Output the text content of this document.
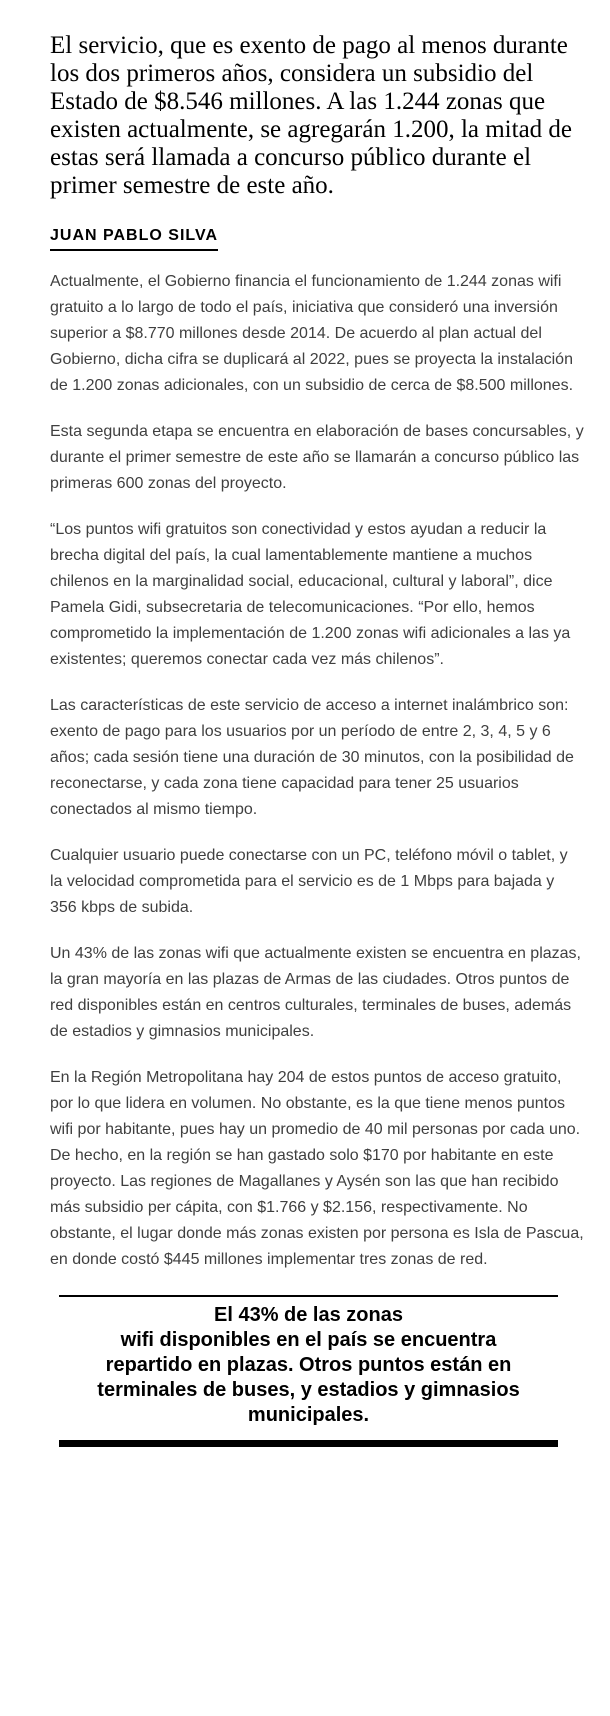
El servicio, que es exento de pago al menos durante los dos primeros años, considera un subsidio del Estado de $8.546 millones. A las 1.244 zonas que existen actualmente, se agregarán 1.200, la mitad de estas será llamada a concurso público durante el primer semestre de este año.

JUAN PABLO SILVA

Actualmente, el Gobierno financia el funcionamiento de 1.244 zonas wifi gratuito a lo largo de todo el país, iniciativa que consideró una inversión superior a $8.770 millones desde 2014. De acuerdo al plan actual del Gobierno, dicha cifra se duplicará al 2022, pues se proyecta la instalación de 1.200 zonas adicionales, con un subsidio de cerca de $8.500 millones.

Esta segunda etapa se encuentra en elaboración de bases concursables, y durante el primer semestre de este año se llamarán a concurso público las primeras 600 zonas del proyecto.

“Los puntos wifi gratuitos son conectividad y estos ayudan a reducir la brecha digital del país, la cual lamentablemente mantiene a muchos chilenos en la marginalidad social, educacional, cultural y laboral”, dice Pamela Gidi, subsecretaria de telecomunicaciones. “Por ello, hemos comprometido la implementación de 1.200 zonas wifi adicionales a las ya existentes; queremos conectar cada vez más chilenos”.

Las características de este servicio de acceso a internet inalámbrico son: exento de pago para los usuarios por un período de entre 2, 3, 4, 5 y 6 años; cada sesión tiene una duración de 30 minutos, con la posibilidad de reconectarse, y cada zona tiene capacidad para tener 25 usuarios conectados al mismo tiempo.

Cualquier usuario puede conectarse con un PC, teléfono móvil o tablet, y la velocidad comprometida para el servicio es de 1 Mbps para bajada y 356 kbps de subida.

Un 43% de las zonas wifi que actualmente existen se encuentra en plazas, la gran mayoría en las plazas de Armas de las ciudades. Otros puntos de red disponibles están en centros culturales, terminales de buses, además de estadios y gimnasios municipales.

En la Región Metropolitana hay 204 de estos puntos de acceso gratuito, por lo que lidera en volumen. No obstante, es la que tiene menos puntos wifi por habitante, pues hay un promedio de 40 mil personas por cada uno. De hecho, en la región se han gastado solo $170 por habitante en este proyecto. Las regiones de Magallanes y Aysén son las que han recibido más subsidio per cápita, con $1.766 y $2.156, respectivamente. No obstante, el lugar donde más zonas existen por persona es Isla de Pascua, en donde costó $445 millones implementar tres zonas de red.

El 43% de las zonas
wifi disponibles en el país se encuentra
repartido en plazas. Otros puntos están en
terminales de buses, y estadios y gimnasios
municipales.
